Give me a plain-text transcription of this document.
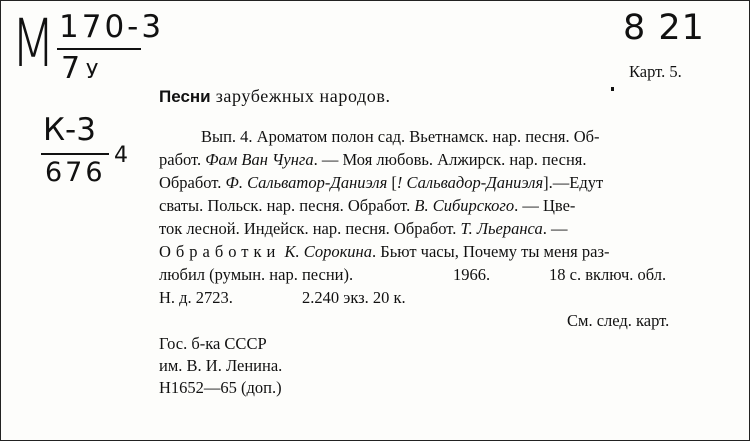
M 170-3
7 У
К-3
676
4
8 21
Карт. 5.
Песни зарубежных народов.
Вып. 4. Ароматом полон сад. Вьетнамск. нар. песня. Об-
работ. Фам Ван Чунга. — Моя любовь. Алжирск. нар. песня.
Обработ. Ф. Сальватор-Даниэля [! Сальвадор-Даниэля].—Едут
сваты. Польск. нар. песня. Обработ. В. Сибирского. — Цве-
ток лесной. Индейск. нар. песня. Обработ. Т. Льеранса. —
Обработки К. Сорокина. Бьют часы, Почему ты меня раз-
любил (румын. нар. песни).	1966.	18 с. включ. обл.
Н. д. 2723.	2.240 экз. 20 к.
См. след. карт.
Гос. б-ка СССР
им. В. И. Ленина.
Н1652—65 (доп.)
